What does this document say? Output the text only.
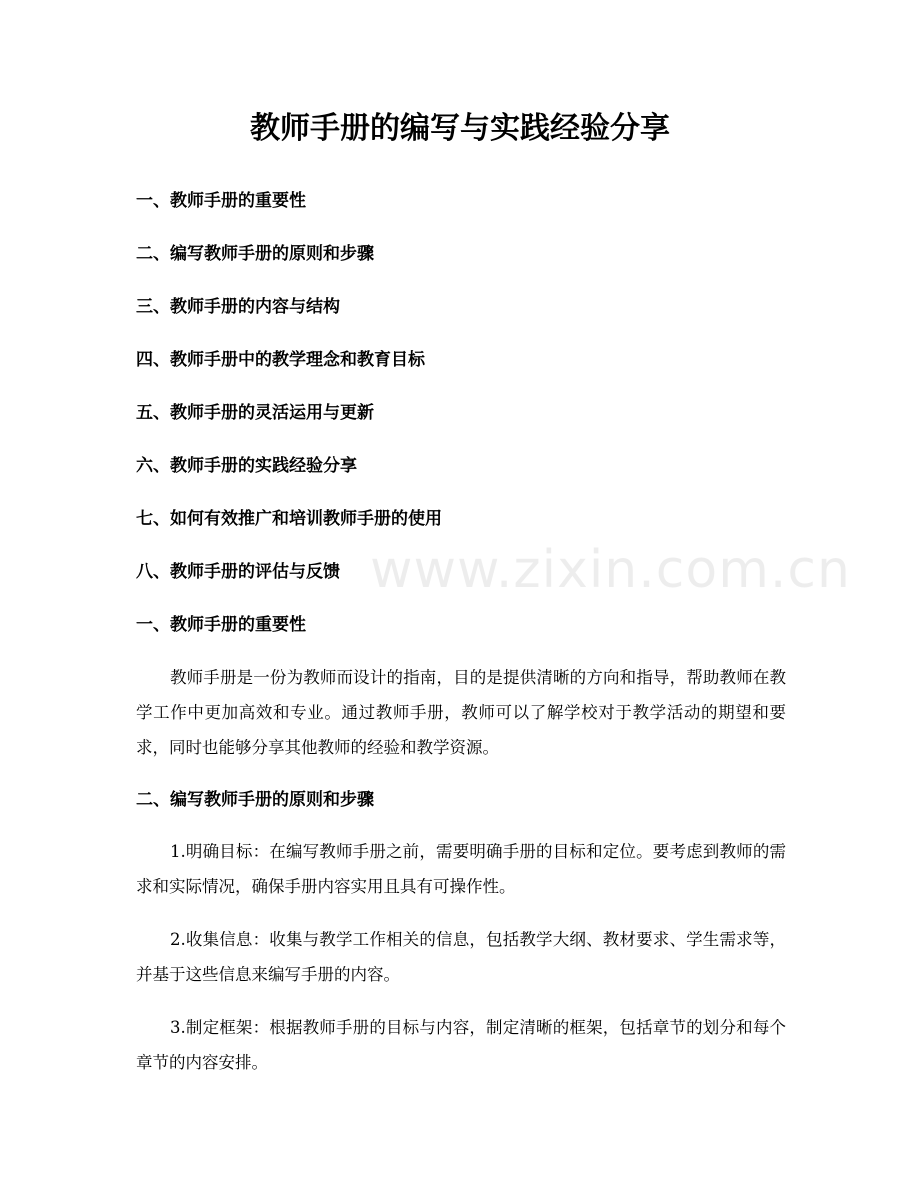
教师手册的编写与实践经验分享
一、教师手册的重要性
二、编写教师手册的原则和步骤
三、教师手册的内容与结构
四、教师手册中的教学理念和教育目标
五、教师手册的灵活运用与更新
六、教师手册的实践经验分享
七、如何有效推广和培训教师手册的使用
八、教师手册的评估与反馈
一、教师手册的重要性

教师手册是一份为教师而设计的指南，目的是提供清晰的方向和指导，帮助教师在教学工作中更加高效和专业。通过教师手册，教师可以了解学校对于教学活动的期望和要求，同时也能够分享其他教师的经验和教学资源。

二、编写教师手册的原则和步骤

1.明确目标：在编写教师手册之前，需要明确手册的目标和定位。要考虑到教师的需求和实际情况，确保手册内容实用且具有可操作性。

2.收集信息：收集与教学工作相关的信息，包括教学大纲、教材要求、学生需求等，并基于这些信息来编写手册的内容。

3.制定框架：根据教师手册的目标与内容，制定清晰的框架，包括章节的划分和每个章节的内容安排。

www.zixin.com.cn
